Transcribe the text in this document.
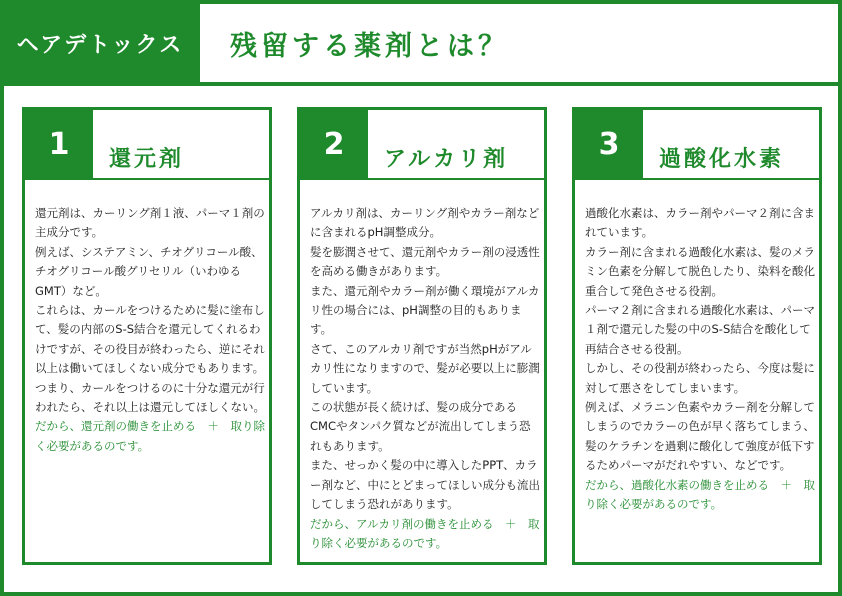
ヘアデトックス	残留する薬剤とは？
1	還元剤

還元剤は、カーリング剤１液、パーマ１剤の主成分です。

例えば、システアミン、チオグリコール酸、チオグリコール酸グリセリル（いわゆるGMT）など。

これらは、カールをつけるために髪に塗布して、髪の内部のS-S結合を還元してくれるわけですが、その役目が終わったら、逆にそれ以上は働いてほしくない成分でもあります。つまり、カールをつけるのに十分な還元が行われたら、それ以上は還元してほしくない。

だから、還元剤の働きを止める　＋　取り除く必要があるのです。

2	アルカリ剤

アルカリ剤は、カーリング剤やカラー剤などに含まれるpH調整成分。

髪を膨潤させて、還元剤やカラー剤の浸透性を高める働きがあります。

また、還元剤やカラー剤が働く環境がアルカリ性の場合には、pH調整の目的もあります。

さて、このアルカリ剤ですが当然pHがアルカリ性になりますので、髪が必要以上に膨潤しています。

この状態が長く続けば、髪の成分であるCMCやタンパク質などが流出してしまう恐れもあります。

また、せっかく髪の中に導入したPPT、カラー剤など、中にとどまってほしい成分も流出してしまう恐れがあります。

だから、アルカリ剤の働きを止める　＋　取り除く必要があるのです。

3	過酸化水素

過酸化水素は、カラー剤やパーマ２剤に含まれています。

カラー剤に含まれる過酸化水素は、髪のメラミン色素を分解して脱色したり、染料を酸化重合して発色させる役割。

パーマ２剤に含まれる過酸化水素は、パーマ１剤で還元した髪の中のS-S結合を酸化して再結合させる役割。

しかし、その役割が終わったら、今度は髪に対して悪さをしてしまいます。

例えば、メラニン色素やカラー剤を分解してしまうのでカラーの色が早く落ちてしまう、髪のケラチンを過剰に酸化して強度が低下するためパーマがだれやすい、などです。

だから、過酸化水素の働きを止める　＋　取り除く必要があるのです。
